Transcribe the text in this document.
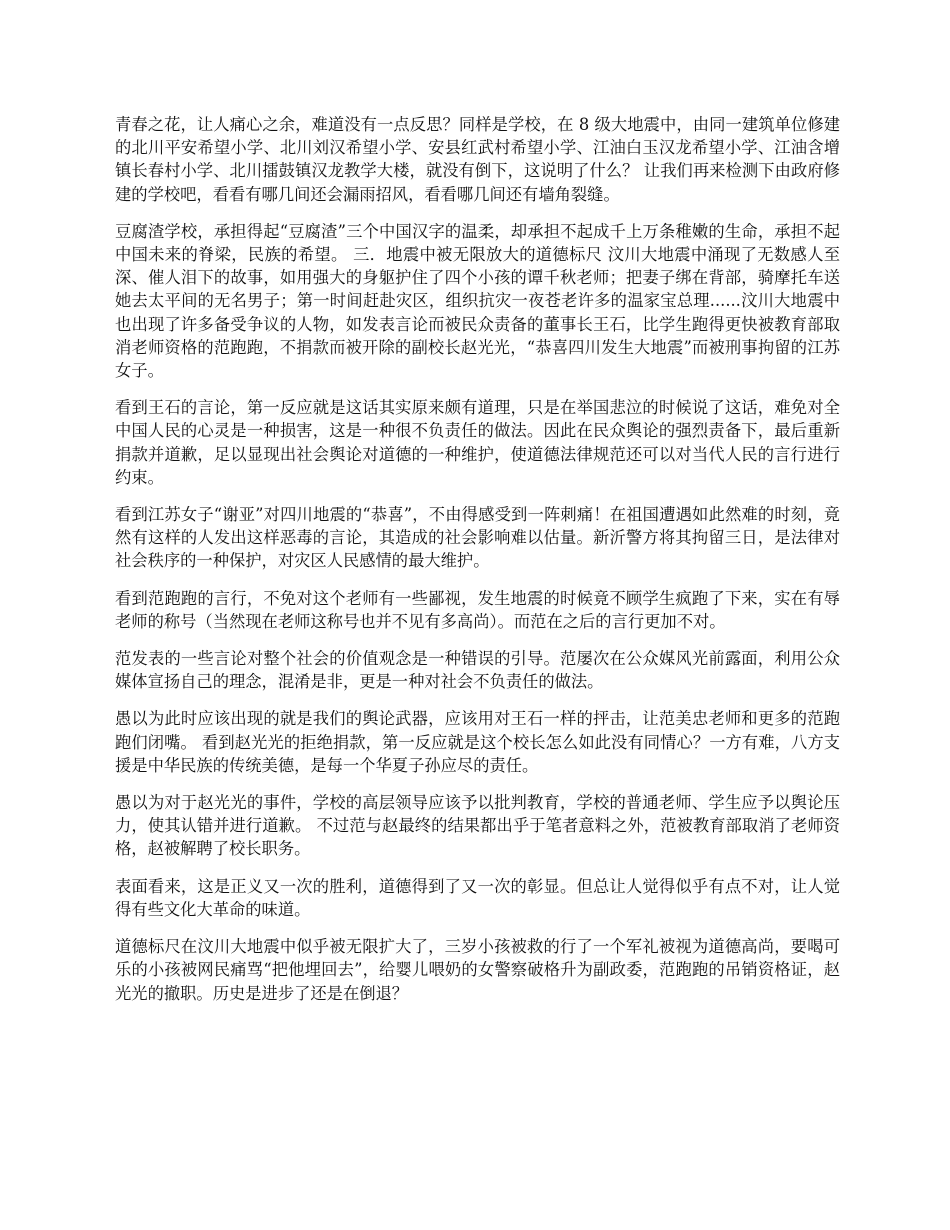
青春之花，让人痛心之余，难道没有一点反思？同样是学校，在 8 级大地震中，由同一建筑单位修建的北川平安希望小学、北川刘汉希望小学、安县红武村希望小学、江油白玉汉龙希望小学、江油含增镇长春村小学、北川擂鼓镇汉龙教学大楼，就没有倒下，这说明了什么？ 让我们再来检测下由政府修建的学校吧，看看有哪几间还会漏雨招风，看看哪几间还有墙角裂缝。

豆腐渣学校，承担得起“豆腐渣”三个中国汉字的温柔，却承担不起成千上万条稚嫩的生命，承担不起中国未来的脊梁，民族的希望。 三．地震中被无限放大的道德标尺 汶川大地震中涌现了无数感人至深、催人泪下的故事，如用强大的身躯护住了四个小孩的谭千秋老师；把妻子绑在背部，骑摩托车送她去太平间的无名男子；第一时间赶赴灾区，组织抗灾一夜苍老许多的温家宝总理......汶川大地震中也出现了许多备受争议的人物，如发表言论而被民众责备的董事长王石，比学生跑得更快被教育部取消老师资格的范跑跑，不捐款而被开除的副校长赵光光，“恭喜四川发生大地震”而被刑事拘留的江苏女子。

看到王石的言论，第一反应就是这话其实原来颇有道理，只是在举国悲泣的时候说了这话，难免对全中国人民的心灵是一种损害，这是一种很不负责任的做法。因此在民众舆论的强烈责备下，最后重新捐款并道歉，足以显现出社会舆论对道德的一种维护，使道德法律规范还可以对当代人民的言行进行约束。

看到江苏女子“谢亚”对四川地震的“恭喜”，不由得感受到一阵刺痛！在祖国遭遇如此然难的时刻，竟然有这样的人发出这样恶毒的言论，其造成的社会影响难以估量。新沂警方将其拘留三日，是法律对社会秩序的一种保护，对灾区人民感情的最大维护。

看到范跑跑的言行，不免对这个老师有一些鄙视，发生地震的时候竟不顾学生疯跑了下来，实在有辱老师的称号（当然现在老师这称号也并不见有多高尚）。而范在之后的言行更加不对。

范发表的一些言论对整个社会的价值观念是一种错误的引导。范屡次在公众媒风光前露面，利用公众媒体宣扬自己的理念，混淆是非，更是一种对社会不负责任的做法。

愚以为此时应该出现的就是我们的舆论武器，应该用对王石一样的抨击，让范美忠老师和更多的范跑跑们闭嘴。 看到赵光光的拒绝捐款，第一反应就是这个校长怎么如此没有同情心？一方有难，八方支援是中华民族的传统美德，是每一个华夏子孙应尽的责任。

愚以为对于赵光光的事件，学校的高层领导应该予以批判教育，学校的普通老师、学生应予以舆论压力，使其认错并进行道歉。 不过范与赵最终的结果都出乎于笔者意料之外，范被教育部取消了老师资格，赵被解聘了校长职务。

表面看来，这是正义又一次的胜利，道德得到了又一次的彰显。但总让人觉得似乎有点不对，让人觉得有些文化大革命的味道。

道德标尺在汶川大地震中似乎被无限扩大了，三岁小孩被救的行了一个军礼被视为道德高尚，要喝可乐的小孩被网民痛骂“把他埋回去”，给婴儿喂奶的女警察破格升为副政委，范跑跑的吊销资格证，赵光光的撤职。历史是进步了还是在倒退？
